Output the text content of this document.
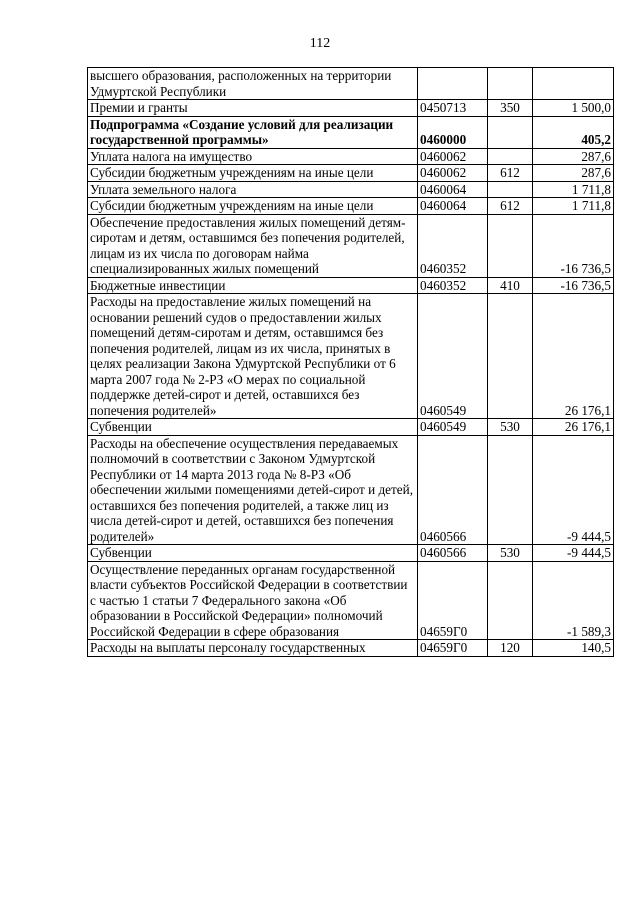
112
высшего образования, расположенных на территории Удмуртской Республики			
Премии и гранты	0450713	350	1 500,0
Подпрограмма «Создание условий для реализации государственной программы»	0460000		405,2
Уплата налога на имущество	0460062		287,6
Субсидии бюджетным учреждениям на иные цели	0460062	612	287,6
Уплата земельного налога	0460064		1 711,8
Субсидии бюджетным учреждениям на иные цели	0460064	612	1 711,8
Обеспечение предоставления жилых помещений детям-сиротам и детям, оставшимся без попечения родителей, лицам из их числа по договорам найма специализированных жилых помещений	0460352		-16 736,5
Бюджетные инвестиции	0460352	410	-16 736,5
Расходы на предоставление жилых помещений на основании решений судов о предоставлении жилых помещений детям-сиротам и детям, оставшимся без попечения родителей, лицам из их числа, принятых в целях реализации Закона Удмуртской Республики от 6 марта 2007 года № 2-РЗ «О мерах по социальной поддержке детей-сирот и детей, оставшихся без попечения родителей»	0460549		26 176,1
Субвенции	0460549	530	26 176,1
Расходы на обеспечение осуществления передаваемых полномочий в соответствии с Законом Удмуртской Республики от 14 марта 2013 года № 8-РЗ «Об обеспечении жилыми помещениями детей-сирот и детей, оставшихся без попечения родителей, а также лиц из числа детей-сирот и детей, оставшихся без попечения родителей»	0460566		-9 444,5
Субвенции	0460566	530	-9 444,5
Осуществление переданных органам государственной власти субъектов Российской Федерации в соответствии с частью 1 статьи 7 Федерального закона «Об образовании в Российской Федерации» полномочий Российской Федерации в сфере образования	04659Г0		-1 589,3
Расходы на выплаты персоналу государственных	04659Г0	120	140,5
